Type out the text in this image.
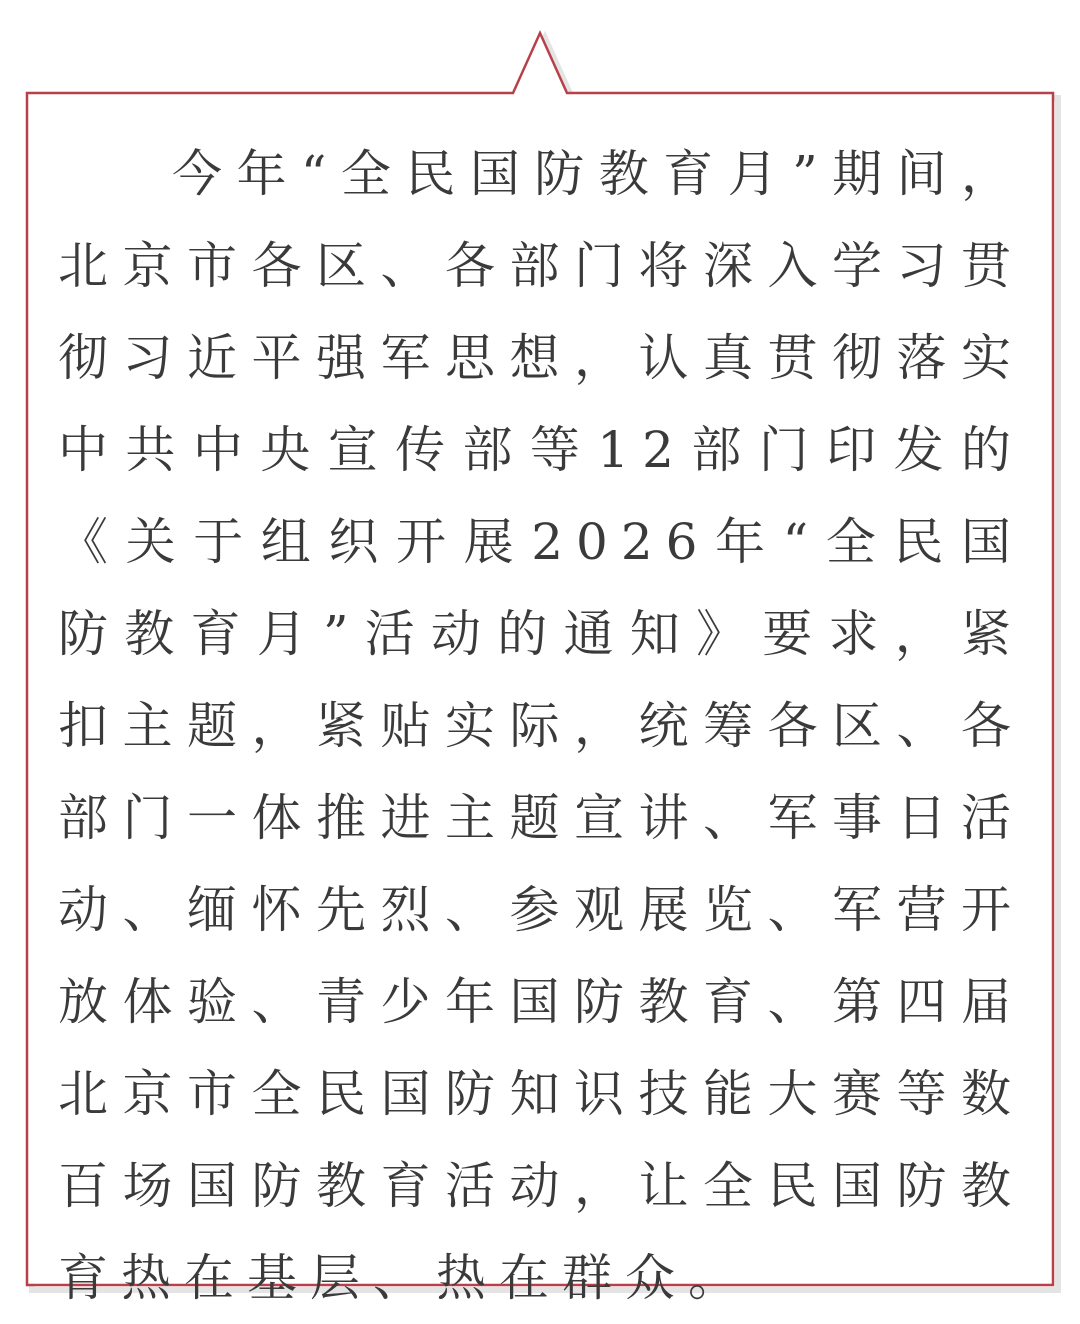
今年“全民国防教育月”期间，北京市各区、各部门将深入学习贯彻习近平强军思想，认真贯彻落实中共中央宣传部等12部门印发的《关于组织开展2026年“全民国防教育月”活动的通知》要求，紧扣主题，紧贴实际，统筹各区、各部门一体推进主题宣讲、军事日活动、缅怀先烈、参观展览、军营开放体验、青少年国防教育、第四届北京市全民国防知识技能大赛等数百场国防教育活动，让全民国防教育热在基层、热在群众。
